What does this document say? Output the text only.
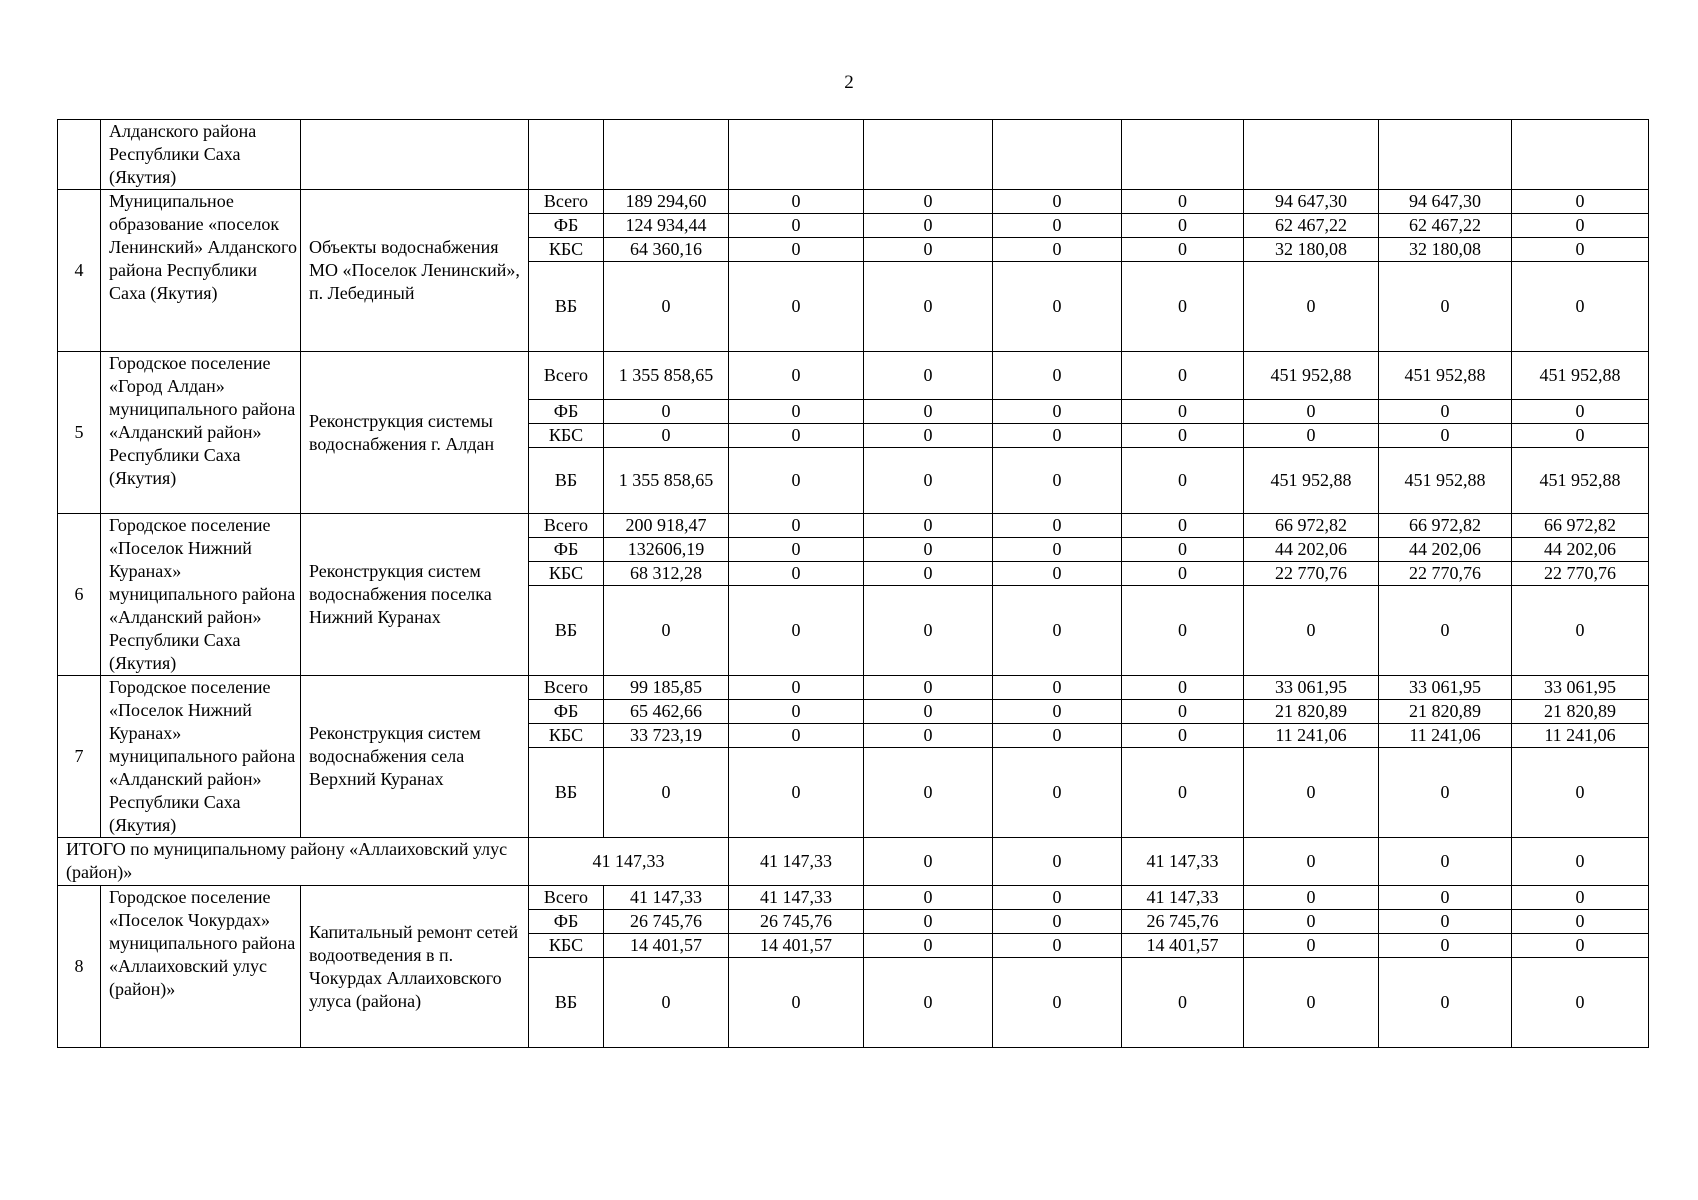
2
	Алданского района Республики Саха (Якутия)										
4	Муниципальное образование «поселок Ленинский» Алданского района Республики Саха (Якутия)	Объекты водоснабжения МО «Поселок Ленинский», п. Лебединый	Всего	189 294,60	0	0	0	0	94 647,30	94 647,30	0
			ФБ	124 934,44	0	0	0	0	62 467,22	62 467,22	0
			КБС	64 360,16	0	0	0	0	32 180,08	32 180,08	0
			ВБ	0	0	0	0	0	0	0	0
5	Городское поселение «Город Алдан» муниципального района «Алданский район» Республики Саха (Якутия)	Реконструкция системы водоснабжения г. Алдан	Всего	1 355 858,65	0	0	0	0	451 952,88	451 952,88	451 952,88
			ФБ	0	0	0	0	0	0	0	0
			КБС	0	0	0	0	0	0	0	0
			ВБ	1 355 858,65	0	0	0	0	451 952,88	451 952,88	451 952,88
6	Городское поселение «Поселок Нижний Куранах» муниципального района «Алданский район» Республики Саха (Якутия)	Реконструкция систем водоснабжения поселка Нижний Куранах	Всего	200 918,47	0	0	0	0	66 972,82	66 972,82	66 972,82
			ФБ	132606,19	0	0	0	0	44 202,06	44 202,06	44 202,06
			КБС	68 312,28	0	0	0	0	22 770,76	22 770,76	22 770,76
			ВБ	0	0	0	0	0	0	0	0
7	Городское поселение «Поселок Нижний Куранах» муниципального района «Алданский район» Республики Саха (Якутия)	Реконструкция систем водоснабжения села Верхний Куранах	Всего	99 185,85	0	0	0	0	33 061,95	33 061,95	33 061,95
			ФБ	65 462,66	0	0	0	0	21 820,89	21 820,89	21 820,89
			КБС	33 723,19	0	0	0	0	11 241,06	11 241,06	11 241,06
			ВБ	0	0	0	0	0	0	0	0
ИТОГО по муниципальному району «Аллаиховский улус (район)»			41 147,33		41 147,33	0	0	41 147,33	0	0	0
8	Городское поселение «Поселок Чокурдах» муниципального района «Аллаиховский улус (район)»	Капитальный ремонт сетей водоотведения в п. Чокурдах Аллаиховского улуса (района)	Всего	41 147,33	41 147,33	0	0	41 147,33	0	0	0
			ФБ	26 745,76	26 745,76	0	0	26 745,76	0	0	0
			КБС	14 401,57	14 401,57	0	0	14 401,57	0	0	0
			ВБ	0	0	0	0	0	0	0	0
